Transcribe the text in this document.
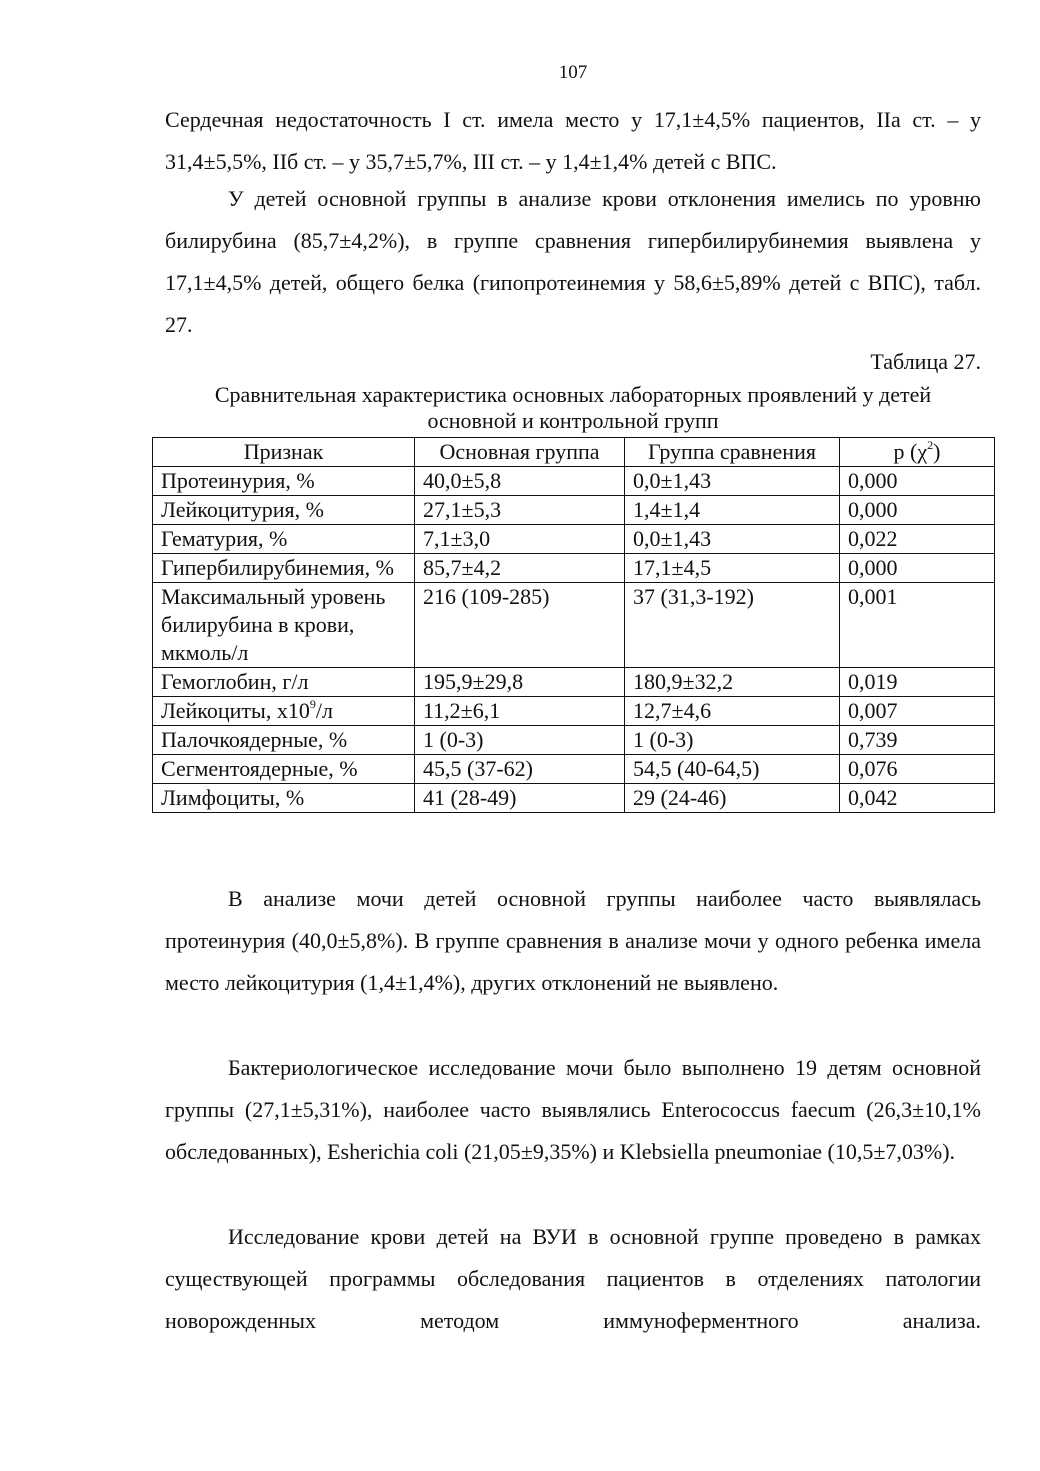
107

Сердечная недостаточность I ст. имела место у 17,1±4,5% пациентов, IIа ст. – у 31,4±5,5%, IIб ст. – у 35,7±5,7%, III ст. – у 1,4±1,4% детей с ВПС.

У детей основной группы в анализе крови отклонения имелись по уровню билирубина (85,7±4,2%), в группе сравнения гипербилирубинемия выявлена у 17,1±4,5% детей, общего белка (гипопротеинемия у 58,6±5,89% детей с ВПС), табл. 27.

Таблица 27.
Сравнительная характеристика основных лабораторных проявлений у детей
основной и контрольной групп
Признак	Основная группа	Группа сравнения	p $(\chi^2)$
Протеинурия, %	40,0±5,8	0,0±1,43	0,000
Лейкоцитурия, %	27,1±5,3	1,4±1,4	0,000
Гематурия, %	7,1±3,0	0,0±1,43	0,022
Гипербилирубинемия, %	85,7±4,2	17,1±4,5	0,000
Максимальный уровень билирубина в крови, мкмоль/л	216 (109-285)	37 (31,3-192)	0,001
Гемоглобин, г/л	195,9±29,8	180,9±32,2	0,019
Лейкоциты, $х10^9/л$	11,2±6,1	12,7±4,6	0,007
Палочкоядерные, %	1 (0-3)	1 (0-3)	0,739
Сегментоядерные, %	45,5 (37-62)	54,5 (40-64,5)	0,076
Лимфоциты, %	41 (28-49)	29 (24-46)	0,042

В анализе мочи детей основной группы наиболее часто выявлялась протеинурия (40,0±5,8%). В группе сравнения в анализе мочи у одного ребенка имела место лейкоцитурия (1,4±1,4%), других отклонений не выявлено.

Бактериологическое исследование мочи было выполнено 19 детям основной группы (27,1±5,31%), наиболее часто выявлялись Enterococcus faecum (26,3±10,1% обследованных), Esherichia coli (21,05±9,35%) и Klebsiella pneumoniae (10,5±7,03%).

Исследование крови детей на ВУИ в основной группе проведено в рамках существующей программы обследования пациентов в отделениях патологии новорожденных методом иммуноферментного анализа.
